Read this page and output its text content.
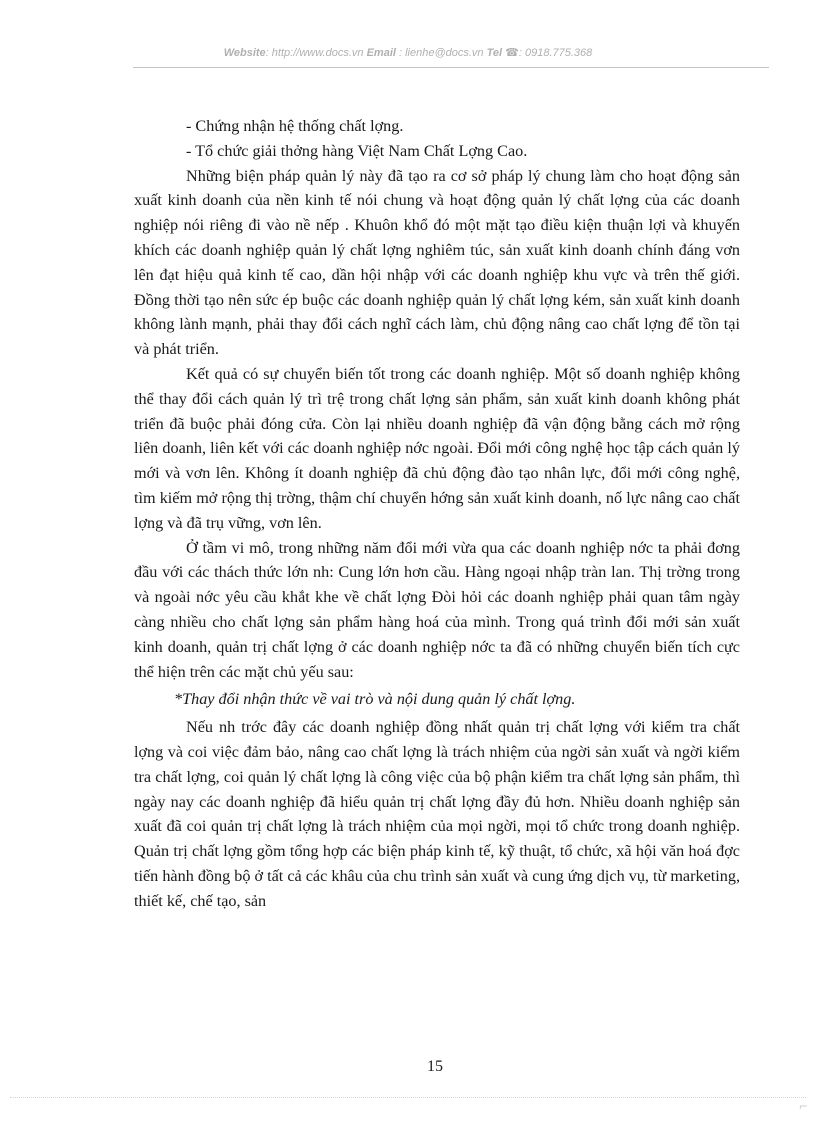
Website: http://www.docs.vn Email : lienhe@docs.vn Tel ☎: 0918.775.368

- Chứng nhận hệ thống chất lợng.

- Tổ chức giải thởng hàng Việt Nam Chất Lợng Cao.

Những biện pháp quản lý này đã tạo ra cơ sở pháp lý chung làm cho hoạt động sản xuất kinh doanh của nền kinh tế nói chung và hoạt động quản lý chất lợng của các doanh nghiệp nói riêng đi vào nề nếp . Khuôn khổ đó một mặt tạo điều kiện thuận lợi và khuyến khích các doanh nghiệp quản lý chất lợng nghiêm túc, sản xuất kinh doanh chính đáng vơn lên đạt hiệu quả kinh tế cao, dần hội nhập với các doanh nghiệp khu vực và trên thế giới. Đồng thời tạo nên sức ép buộc các doanh nghiệp quản lý chất lợng kém, sản xuất kinh doanh không lành mạnh, phải thay đổi cách nghĩ cách làm, chủ động nâng cao chất lợng để tồn tại và phát triển.

Kết quả có sự chuyển biến tốt trong các doanh nghiệp. Một số doanh nghiệp không thể thay đổi cách quản lý trì trệ trong chất lợng sản phẩm, sản xuất kinh doanh không phát triển đã buộc phải đóng cửa. Còn lại nhiều doanh nghiệp đã vận động bằng cách mở rộng liên doanh, liên kết với các doanh nghiệp nớc ngoài. Đổi mới công nghệ học tập cách quản lý mới và vơn lên. Không ít doanh nghiệp đã chủ động đào tạo nhân lực, đổi mới công nghệ, tìm kiếm mở rộng thị trờng, thậm chí chuyển hớng sản xuất kinh doanh, nố lực nâng cao chất lợng và đã trụ vững, vơn lên.

Ở tầm vi mô, trong những năm đổi mới vừa qua các doanh nghiệp nớc ta phải đơng đầu với các thách thức lớn nh: Cung lớn hơn cầu. Hàng ngoại nhập tràn lan. Thị trờng trong và ngoài nớc yêu cầu khắt khe về chất lợng Đòi hỏi các doanh nghiệp phải quan tâm ngày càng nhiều cho chất lợng sản phẩm hàng hoá của mình. Trong quá trình đổi mới sản xuất kinh doanh, quản trị chất lợng ở các doanh nghiệp nớc ta đã có những chuyển biến tích cực thể hiện trên các mặt chủ yếu sau:

*Thay đổi nhận thức về vai trò và nội dung quản lý chất lợng.

Nếu nh trớc đây các doanh nghiệp đồng nhất quản trị chất lợng với kiểm tra chất lợng và coi việc đảm bảo, nâng cao chất lợng là trách nhiệm của ngời sản xuất và ngời kiểm tra chất lợng, coi quản lý chất lợng là công việc của bộ phận kiểm tra chất lợng sản phẩm, thì ngày nay các doanh nghiệp đã hiểu quản trị chất lợng đầy đủ hơn. Nhiều doanh nghiệp sản xuất đã coi quản trị chất lợng là trách nhiệm của mọi ngời, mọi tổ chức trong doanh nghiệp. Quản trị chất lợng gồm tổng hợp các biện pháp kinh tế, kỹ thuật, tổ chức, xã hội văn hoá đợc tiến hành đồng bộ ở tất cả các khâu của chu trình sản xuất và cung ứng dịch vụ, từ marketing, thiết kế, chế tạo, sản

15
⌐
